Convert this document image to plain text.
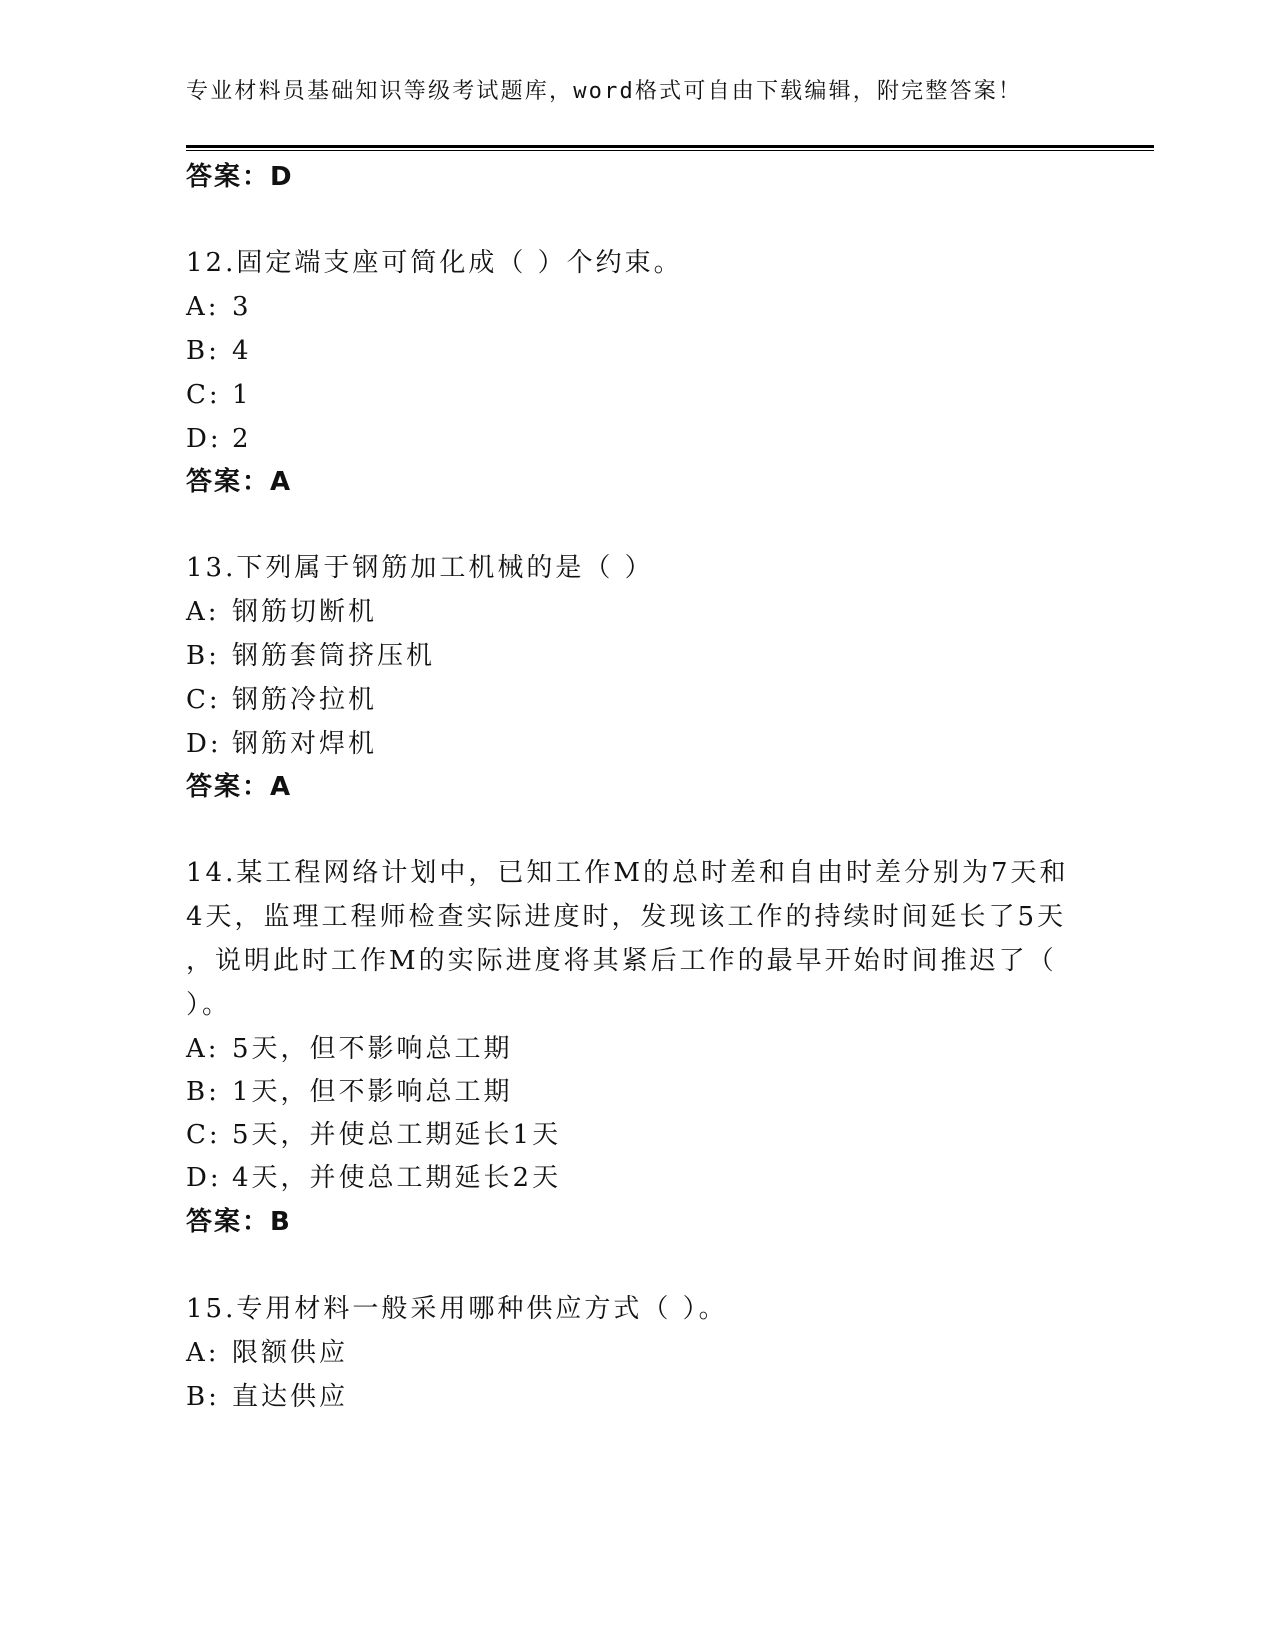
专业材料员基础知识等级考试题库，word格式可自由下载编辑，附完整答案！
答案：D
12.固定端支座可简化成（ ）个约束。
A: 3
B: 4
C: 1
D: 2
答案：A
13.下列属于钢筋加工机械的是（ ）
A: 钢筋切断机
B: 钢筋套筒挤压机
C: 钢筋冷拉机
D: 钢筋对焊机
答案：A
14.某工程网络计划中，已知工作M的总时差和自由时差分别为7天和
4天，监理工程师检查实际进度时，发现该工作的持续时间延长了5天
，说明此时工作M的实际进度将其紧后工作的最早开始时间推迟了（
）。
A: 5天，但不影响总工期
B: 1天，但不影响总工期
C: 5天，并使总工期延长1天
D: 4天，并使总工期延长2天
答案：B
15.专用材料一般采用哪种供应方式（ ）。
A: 限额供应
B: 直达供应
